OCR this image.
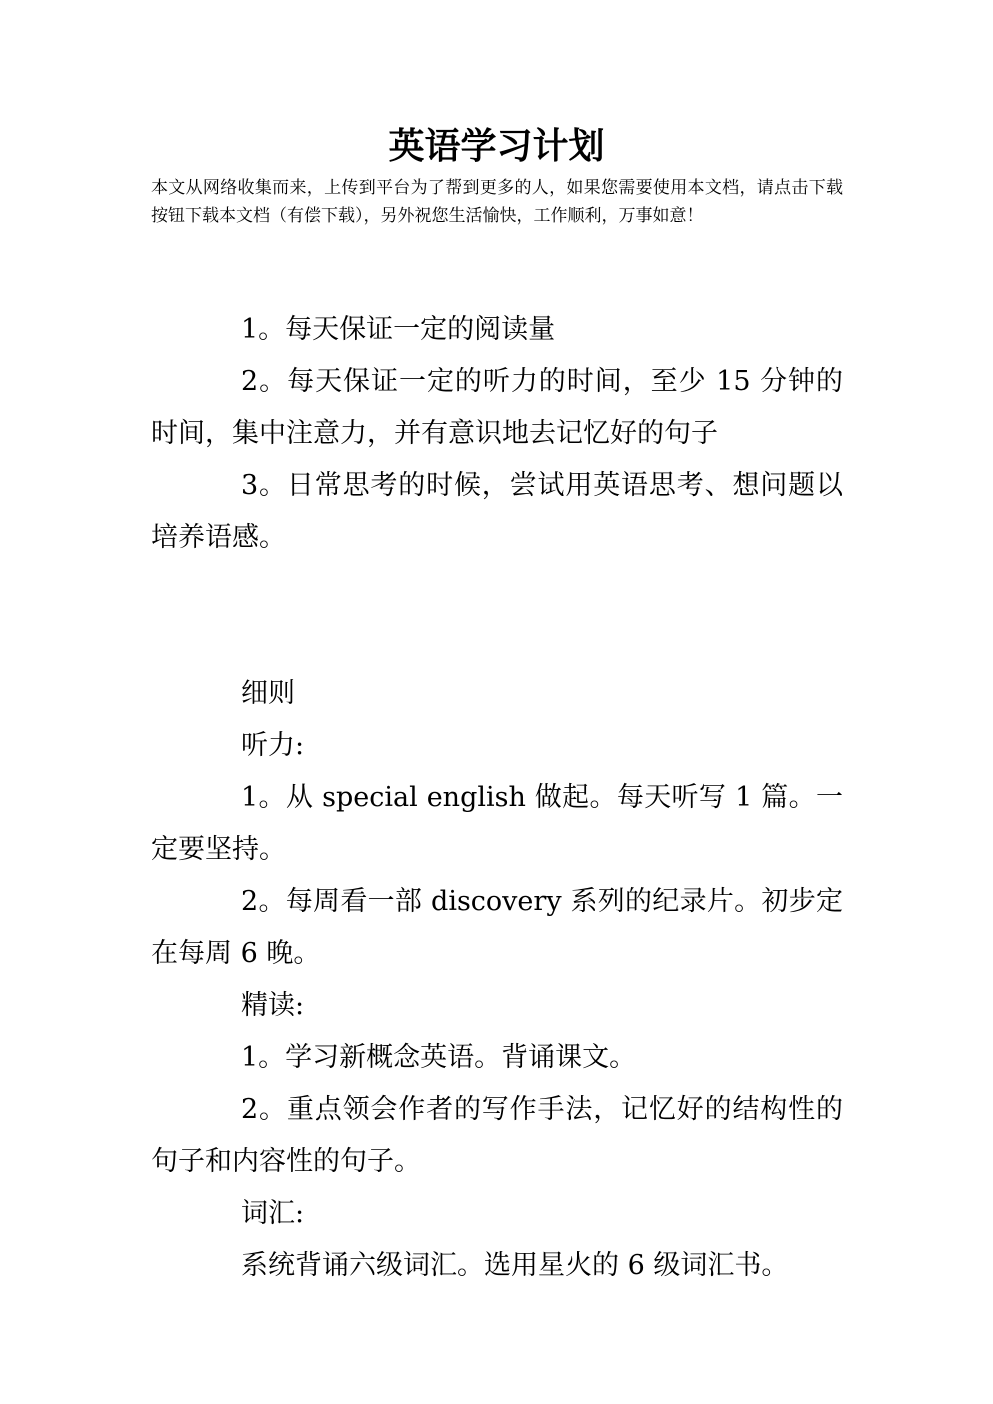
英语学习计划

本文从网络收集而来，上传到平台为了帮到更多的人，如果您需要使用本文档，请点击下载按钮下载本文档（有偿下载），另外祝您生活愉快，工作顺利，万事如意！

1。每天保证一定的阅读量

2。每天保证一定的听力的时间，至少 15 分钟的时间，集中注意力，并有意识地去记忆好的句子

3。日常思考的时候，尝试用英语思考、想问题以培养语感。

细则

听力:

1。从 special english 做起。每天听写 1 篇。一定要坚持。

2。每周看一部 discovery 系列的纪录片。初步定在每周 6 晚。

精读:

1。学习新概念英语。背诵课文。

2。重点领会作者的写作手法，记忆好的结构性的句子和内容性的句子。

词汇:

系统背诵六级词汇。选用星火的 6 级词汇书。
